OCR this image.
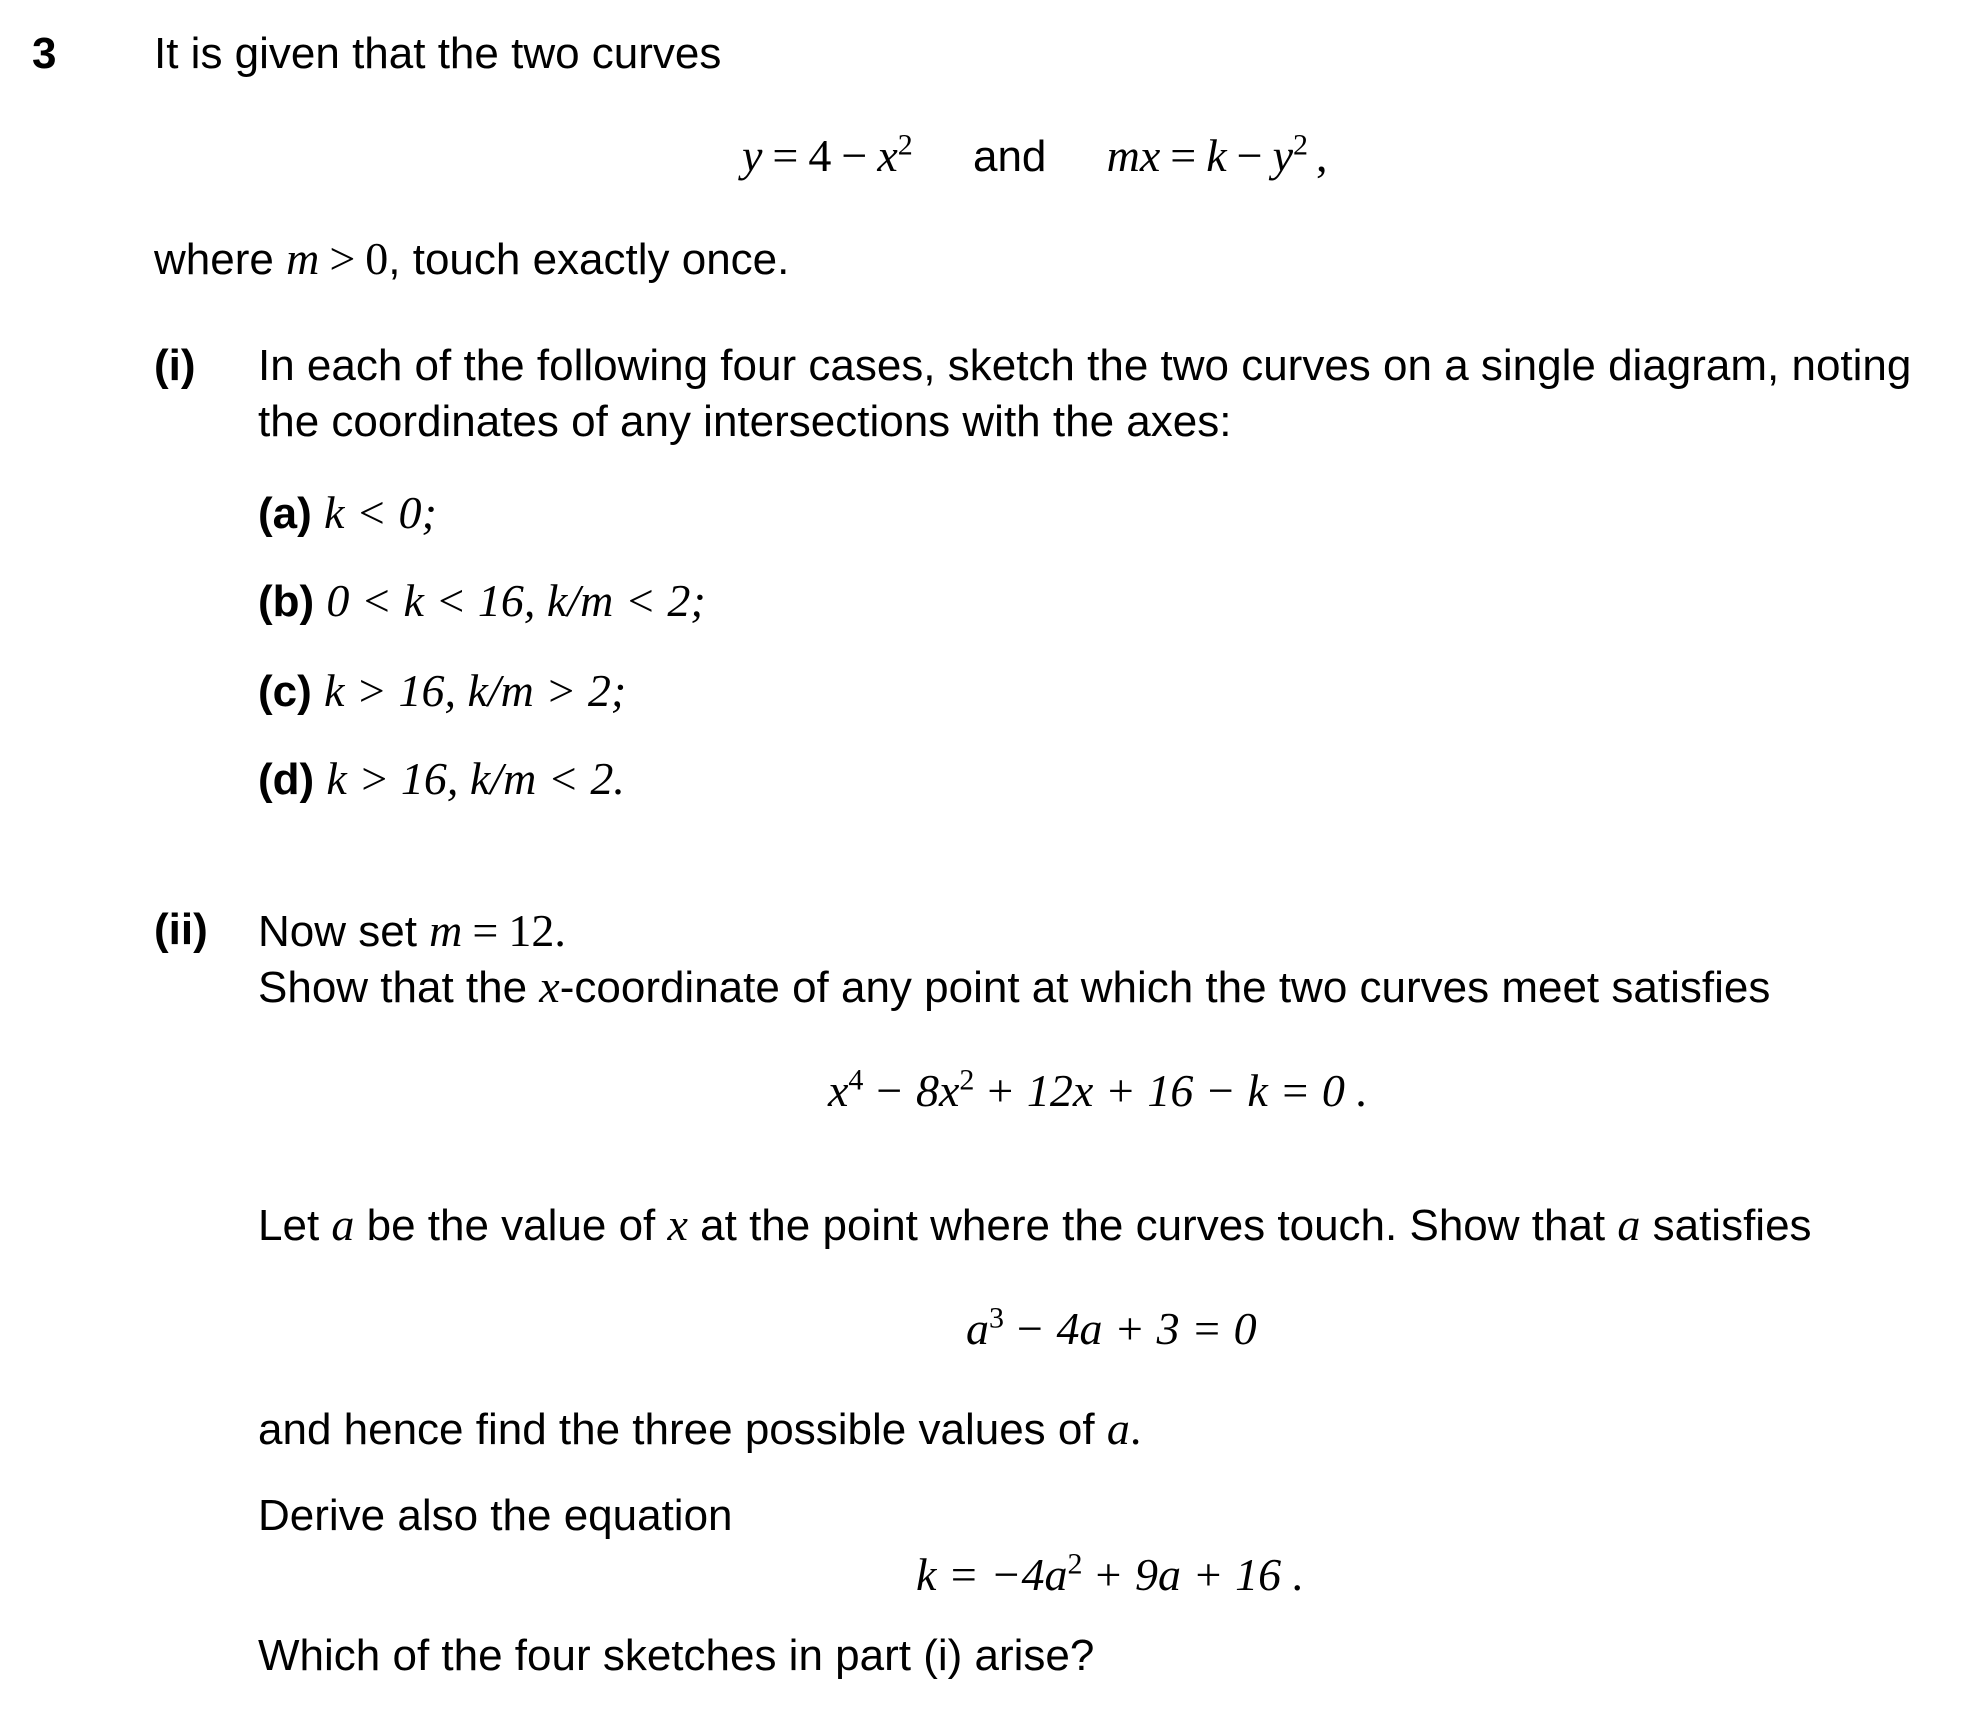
3 It is given that the two curves
$y = 4 - x^2$ and mx = $k - y^2$ ,
where m > 0, touch exactly once.
(i) In each of the following four cases, sketch the two curves on a single diagram, noting
the coordinates of any intersections with the axes:
(a) k < 0;
(b) 0 < k < 16, k/m < 2;
(c) k > 16, k/m > 2;
(d) k > 16, k/m < 2.
(ii) Now set m = 12.
Show that the x-coordinate of any point at which the two curves meet satisfies
$x^4 - 8x^2 + 12x + 16 - k = 0$ .
Let a be the value of x at the point where the curves touch. Show that a satisfies
$a^3 - 4a + 3 = 0$
and hence find the three possible values of a.
Derive also the equation
$k = -4a^2 + 9a + 16$ .
Which of the four sketches in part (i) arise?
